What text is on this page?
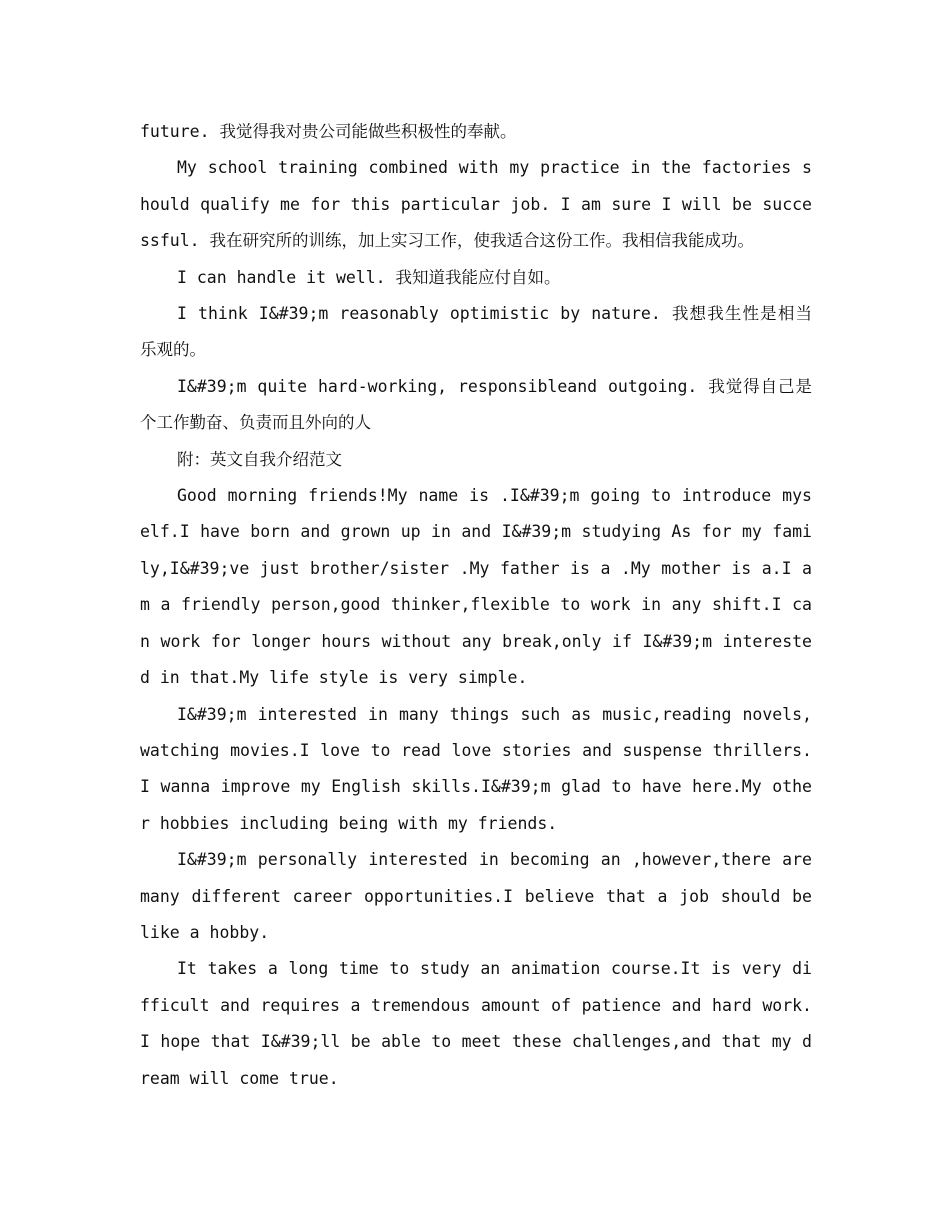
future. 我觉得我对贵公司能做些积极性的奉献。

My school training combined with my practice in the factories should qualify me for this particular job. I am sure I will be successful. 我在研究所的训练，加上实习工作，使我适合这份工作。我相信我能成功。

I can handle it well. 我知道我能应付自如。

I think I&#39;m reasonably optimistic by nature. 我想我生性是相当乐观的。

I&#39;m quite hard-working, responsibleand outgoing. 我觉得自己是个工作勤奋、负责而且外向的人

附：英文自我介绍范文

Good morning friends!My name is .I&#39;m going to introduce myself.I have born and grown up in and I&#39;m studying As for my family,I&#39;ve just brother/sister .My father is a .My mother is a.I am a friendly person,good thinker,flexible to work in any shift.I can work for longer hours without any break,only if I&#39;m interested in that.My life style is very simple.

I&#39;m interested in many things such as music,reading novels,watching movies.I love to read love stories and suspense thrillers.I wanna improve my English skills.I&#39;m glad to have here.My other hobbies including being with my friends.

I&#39;m personally interested in becoming an ,however,there are many different career opportunities.I believe that a job should be like a hobby.

It takes a long time to study an animation course.It is very difficult and requires a tremendous amount of patience and hard work.I hope that I&#39;ll be able to meet these challenges,and that my dream will come true.
